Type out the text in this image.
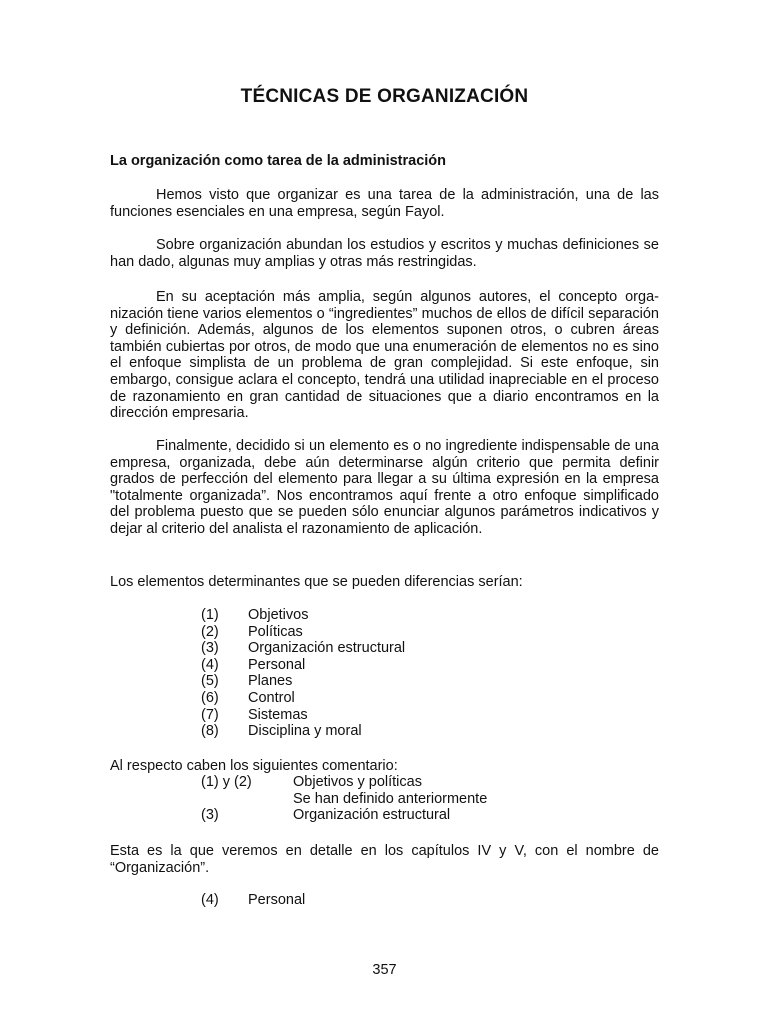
TÉCNICAS DE ORGANIZACIÓN
La organización como tarea de la administración

Hemos visto que organizar es una tarea de la administración, una de las funciones esenciales en una empresa, según Fayol.

Sobre organización abundan los estudios y escritos y muchas definiciones se han dado, algunas muy amplias y otras más restringidas.

En su aceptación más amplia, según algunos autores, el concepto organización tiene varios elementos o “ingredientes” muchos de ellos de difícil separación y definición. Además, algunos de los elementos suponen otros, o cubren áreas también cubiertas por otros, de modo que una enumeración de elementos no es sino el enfoque simplista de un problema de gran complejidad. Si este enfoque, sin embargo, consigue aclara el concepto, tendrá una utilidad inapreciable en el proceso de razonamiento en gran cantidad de situaciones que a diario encontramos en la dirección empresaria.

Finalmente, decidido si un elemento es o no ingrediente indispensable de una empresa, organizada, debe aún determinarse algún criterio que permita definir grados de perfección del elemento para llegar a su última expresión en la empresa "totalmente organizada”. Nos encontramos aquí frente a otro enfoque simplificado del problema puesto que se pueden sólo enunciar algunos parámetros indicativos y dejar al criterio del analista el razonamiento de aplicación.

Los elementos determinantes que se pueden diferencias serían:

(1)	Objetivos
(2)	Políticas
(3)	Organización estructural
(4)	Personal
(5)	Planes
(6)	Control
(7)	Sistemas
(8)	Disciplina y moral
Al respecto caben los siguientes comentario:
(1) y (2)	Objetivos y políticas
Se han definido anteriormente
(3)	Organización estructural

Esta es la que veremos en detalle en los capítulos IV y V, con el nombre de “Organización”.

(4)	Personal
357
